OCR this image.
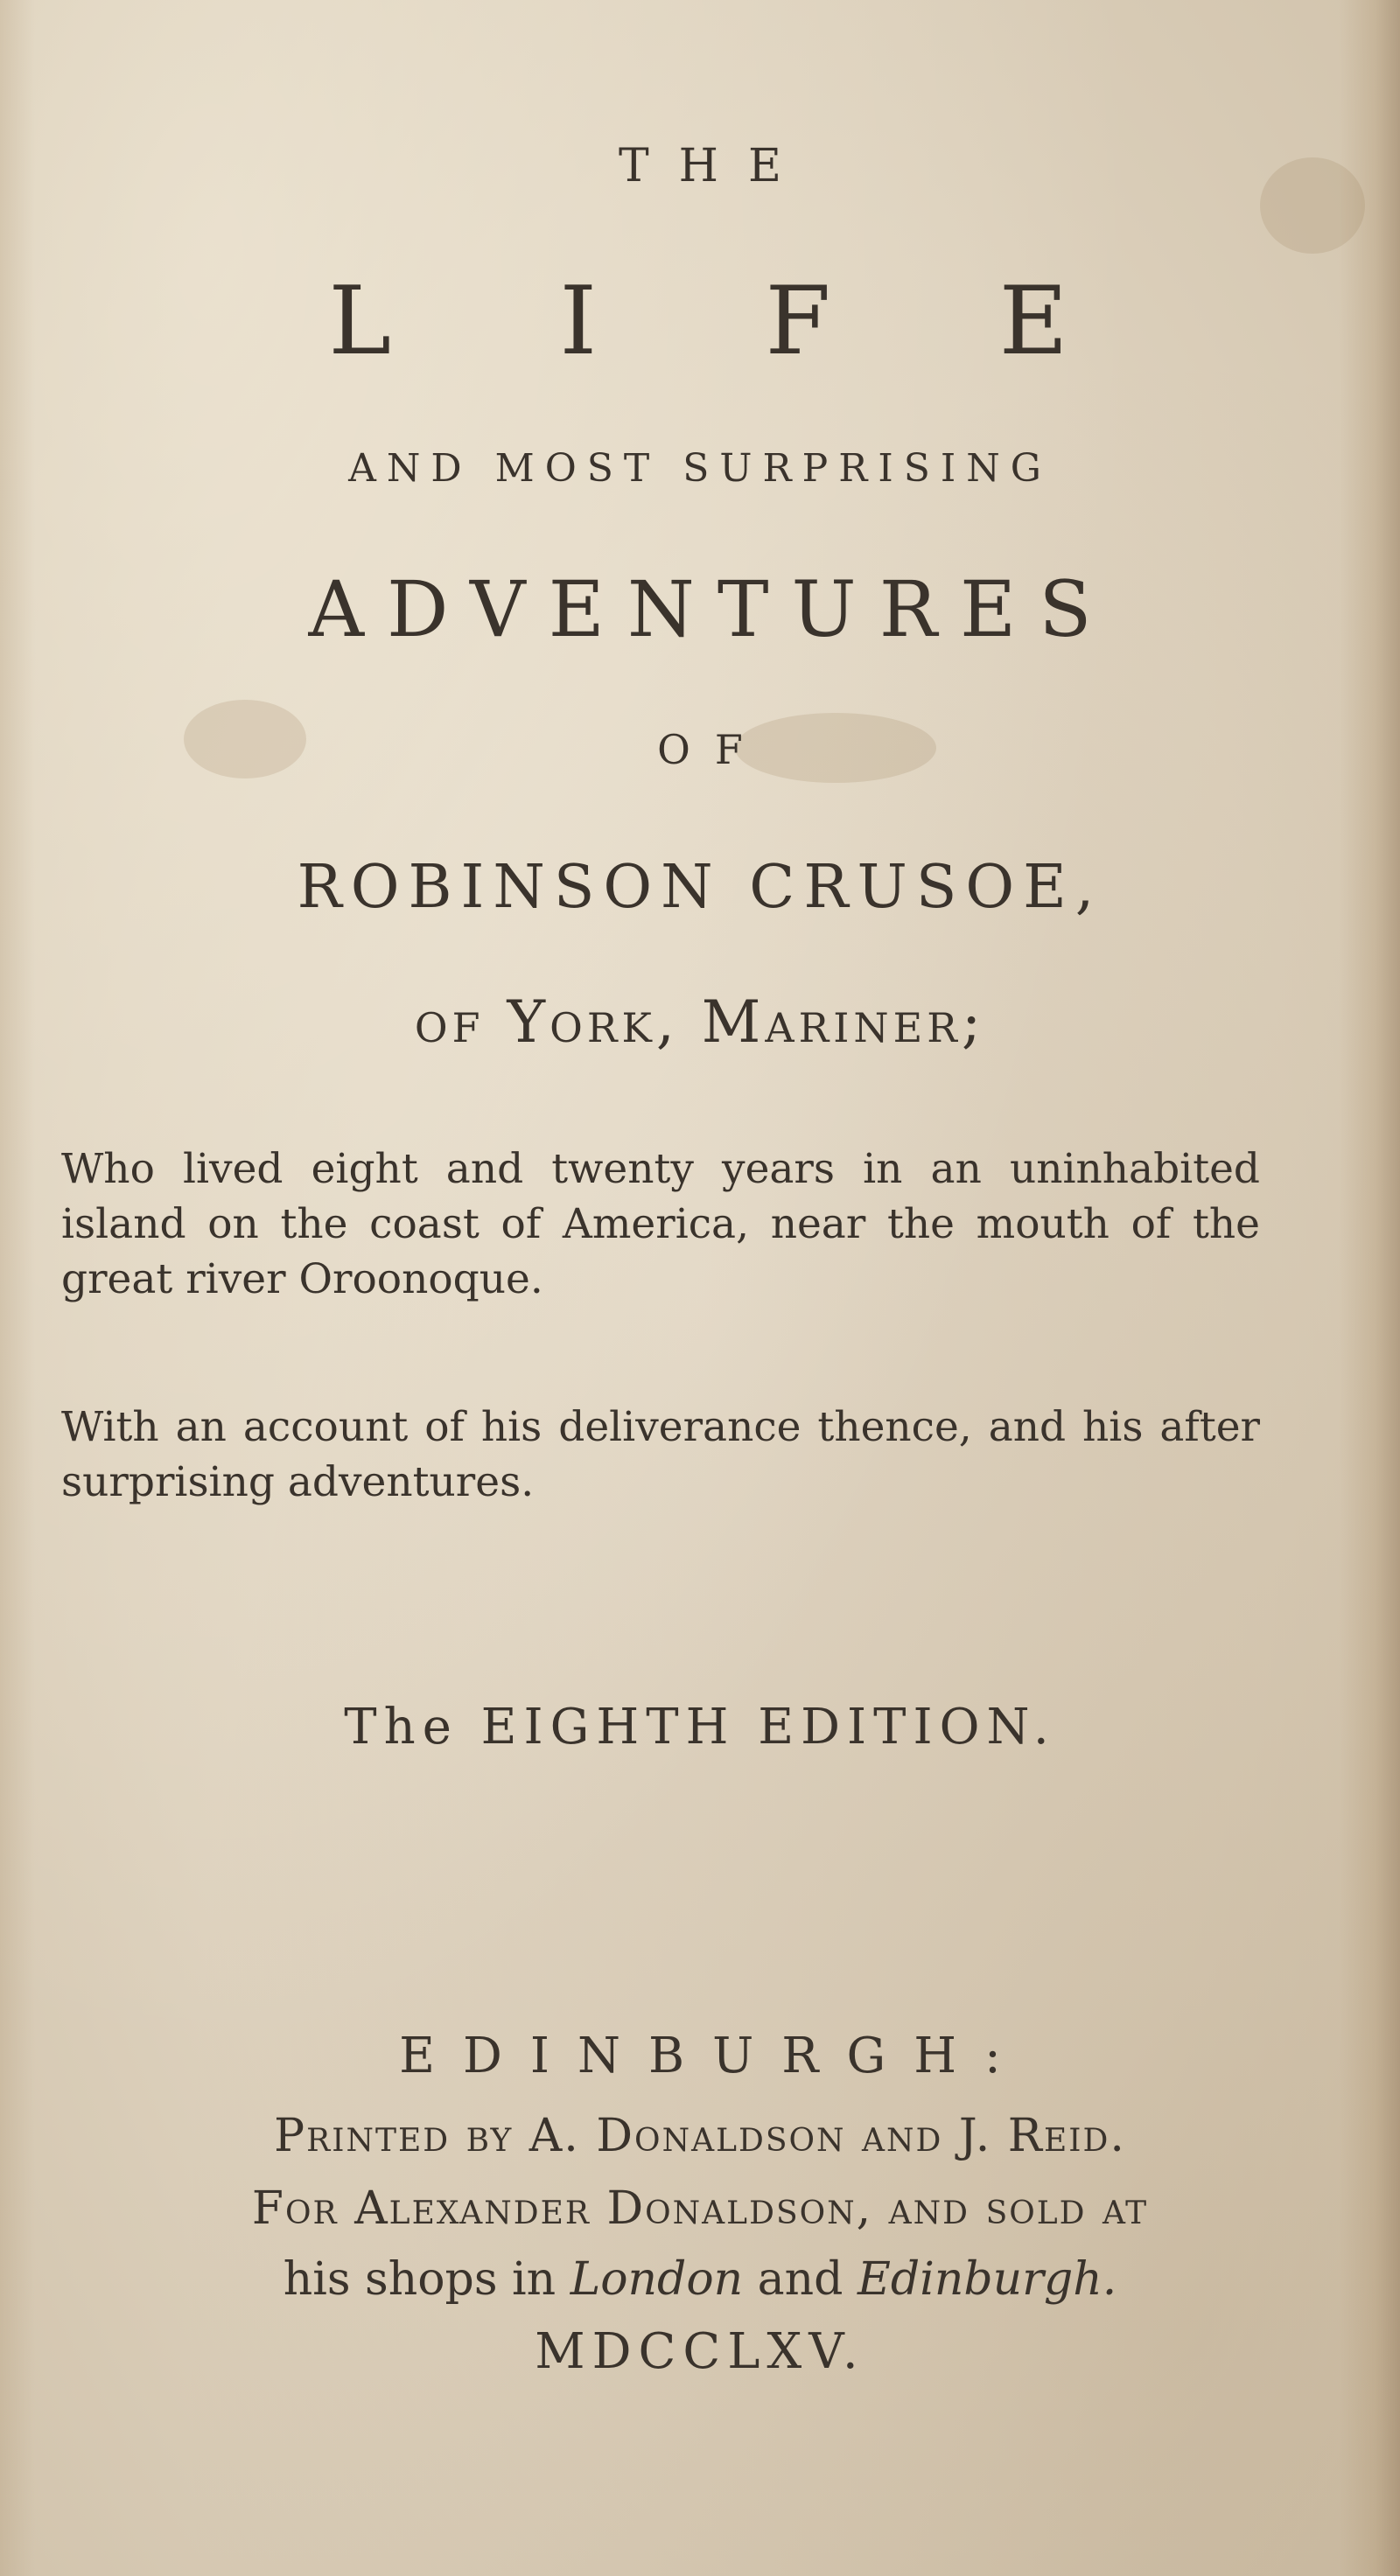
THE

L I F E

AND MOST SURPRISING

ADVENTURES

OF

ROBINSON CRUSOE,

of York, Mariner;

Who lived eight and twenty years in an uninhabited island on the coast of America, near the mouth of the great river Oroonoque.

With an account of his deliverance thence, and his after surprising adventures.

The EIGHTH EDITION.

EDINBURGH:

Printed by A. Donaldson and J. Reid.

For Alexander Donaldson, and sold at

his shops in London and Edinburgh.

MDCCLXV.
